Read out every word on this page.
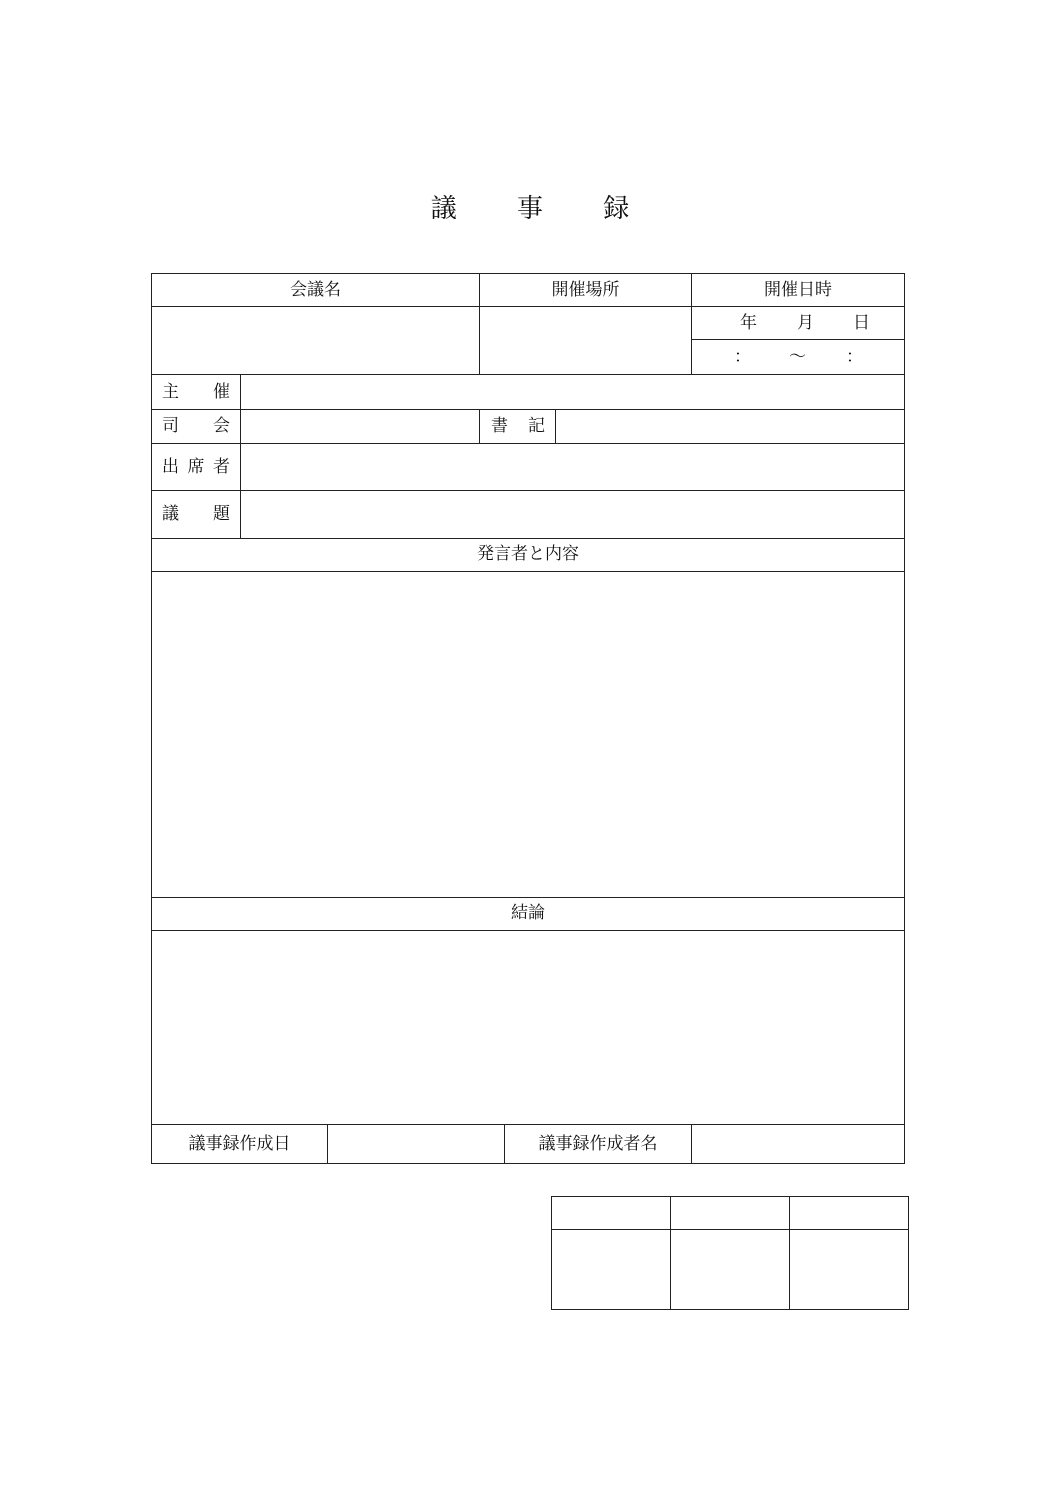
議 事 録
会議名	開催場所	開催日時
年 月 日
： ～ ：
主 催
司 会	書 記
出 席 者
議 題
発言者と内容
結論
議事録作成日	議事録作成者名
